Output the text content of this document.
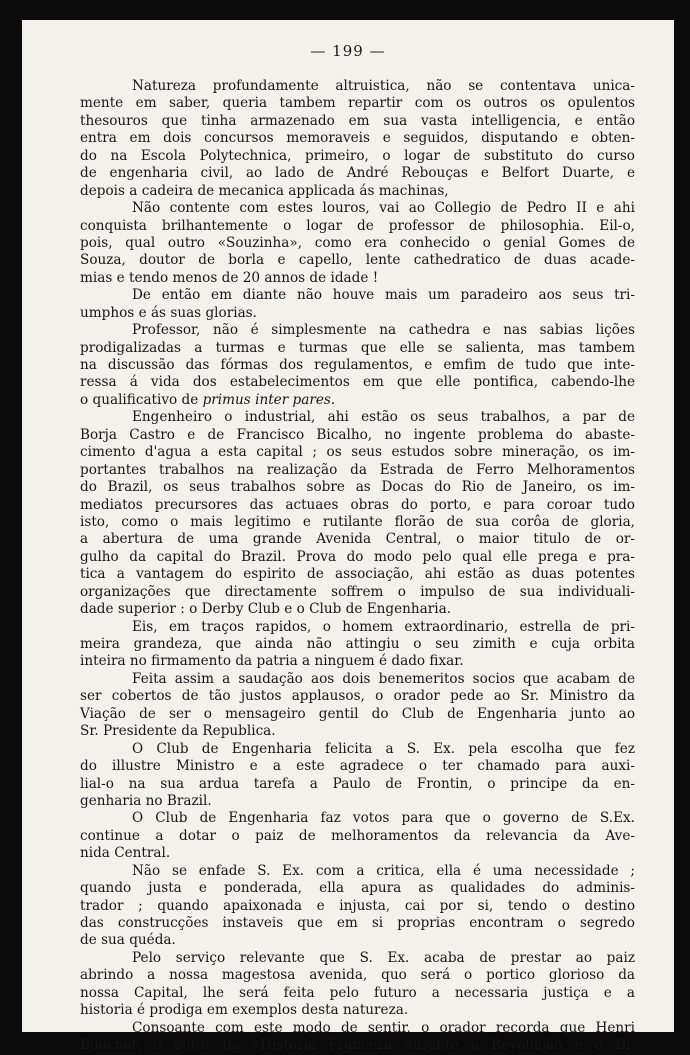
— 199 —
Natureza profundamente altruistica, não se contentava unica-
mente em saber, queria tambem repartir com os outros os opulentos
thesouros que tinha armazenado em sua vasta intelligencia, e então
entra em dois concursos memoraveis e seguidos, disputando e obten-
do na Escola Polytechnica, primeiro, o logar de substituto do curso
de engenharia civil, ao lado de André Rebouças e Belfort Duarte, e
depois a cadeira de mecanica applicada ás machinas,
Não contente com estes louros, vai ao Collegio de Pedro II e ahi
conquista brilhantemente o logar de professor de philosophia. Eil-o,
pois, qual outro «Souzinha», como era conhecido o genial Gomes de
Souza, doutor de borla e capello, lente cathedratico de duas acade-
mias e tendo menos de 20 annos de idade !
De então em diante não houve mais um paradeiro aos seus tri-
umphos e ás suas glorias.
Professor, não é simplesmente na cathedra e nas sabias lições
prodigalizadas a turmas e turmas que elle se salienta, mas tambem
na discussão das fórmas dos regulamentos, e emfim de tudo que inte-
ressa á vida dos estabelecimentos em que elle pontifica, cabendo-lhe
o qualificativo de primus inter pares.
Engenheiro o industrial, ahi estão os seus trabalhos, a par de
Borja Castro e de Francisco Bicalho, no ingente problema do abaste-
cimento d'agua a esta capital ; os seus estudos sobre mineração, os im-
portantes trabalhos na realização da Estrada de Ferro Melhoramentos
do Brazil, os seus trabalhos sobre as Docas do Rio de Janeiro, os im-
mediatos precursores das actuaes obras do porto, e para coroar tudo
isto, como o mais legitimo e rutilante florão de sua corôa de gloria,
a abertura de uma grande Avenida Central, o maior titulo de or-
gulho da capital do Brazil. Prova do modo pelo qual elle prega e pra-
tica a vantagem do espirito de associação, ahi estão as duas potentes
organizações que directamente soffrem o impulso de sua individuali-
dade superior : o Derby Club e o Club de Engenharia.
Eis, em traços rapidos, o homem extraordinario, estrella de pri-
meira grandeza, que ainda não attingiu o seu zimith e cuja orbita
inteira no firmamento da patria a ninguem é dado fixar.
Feita assim a saudação aos dois benemeritos socios que acabam de
ser cobertos de tão justos applausos, o orador pede ao Sr. Ministro da
Viação de ser o mensageiro gentil do Club de Engenharia junto ao
Sr. Presidente da Republica.
O Club de Engenharia felicita a S. Ex. pela escolha que fez
do illustre Ministro e a este agradece o ter chamado para auxi-
lial-o na sua ardua tarefa a Paulo de Frontin, o principe da en-
genharia no Brazil.
O Club de Engenharia faz votos para que o governo de S.Ex.
continue a dotar o paiz de melhoramentos da relevancia da Ave-
nida Central.
Não se enfade S. Ex. com a critica, ella é uma necessidade ;
quando justa e ponderada, ella apura as qualidades do adminis-
trador ; quando apaixonada e injusta, cai por si, tendo o destino
das construcções instaveis que em si proprias encontram o segredo
de sua quéda.
Pelo serviço relevante que S. Ex. acaba de prestar ao paiz
abrindo a nossa magestosa avenida, quo será o portico glorioso da
nossa Capital, lhe será feita pelo futuro a necessaria justiça e a
historia é prodiga em exemplos desta natureza.
Consoante com este modo de sentir, o orador recorda que Henri
Bouchot, o autor da «Historia Franceza durante a Revolução e o Di-
